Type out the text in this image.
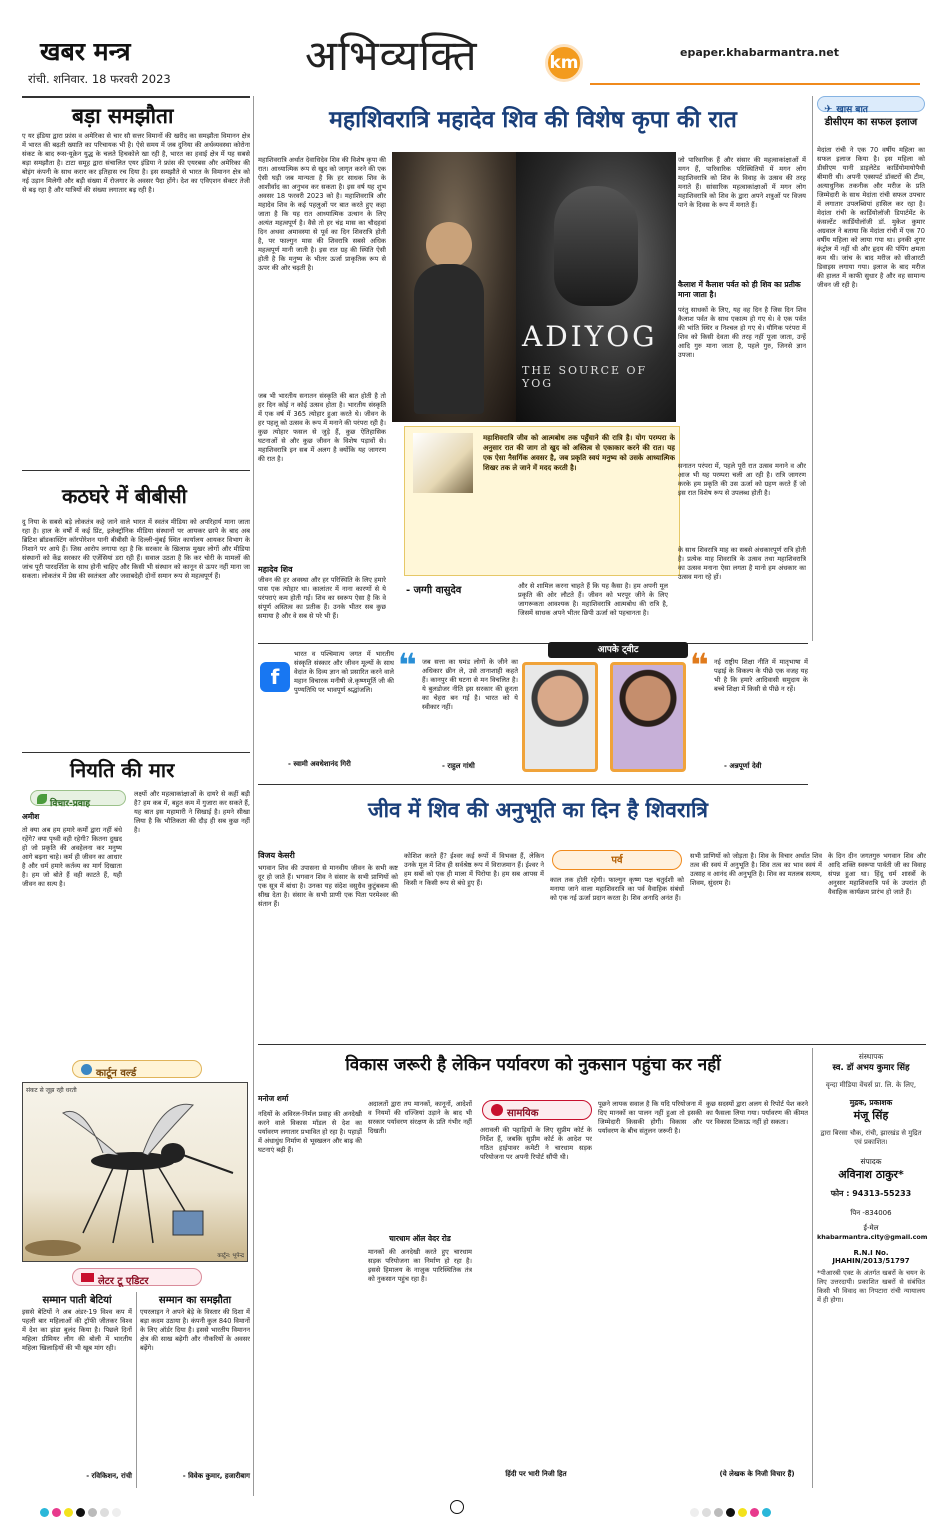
खबर मन्त्र
रांची. शनिवार. 18 फरवरी 2023	अभिव्यक्ति	km
epaper.khabarmantra.net
बड़ा समझौता
ए यर इंडिया द्वारा फ्रांस व अमेरिका से चार सौ सत्तर विमानों की खरीद का समझौता विमानन क्षेत्र में भारत की बढ़ती ख्याति का परिचायक भी है। ऐसे समय में जब दुनिया की अर्थव्यवस्था कोरोना संकट के बाद रूस-यूक्रेन युद्ध के चलते हिचकोले खा रही है, भारत का हवाई क्षेत्र में यह सबसे बड़ा समझौता है। टाटा समूह द्वारा संचालित एयर इंडिया ने फ्रांस की एयरबस और अमेरिका की बोइंग कंपनी के साथ करार कर इतिहास रच दिया है। इस समझौते से भारत के विमानन क्षेत्र को नई उड़ान मिलेगी और बड़ी संख्या में रोजगार के अवसर पैदा होंगे। देश का एविएशन सेक्टर तेजी से बढ़ रहा है और यात्रियों की संख्या लगातार बढ़ रही है।
कठघरे में बीबीसी
दु निया के सबसे बड़े लोकतंत्र कहे जाने वाले भारत में स्वतंत्र मीडिया को अपरिहार्य माना जाता रहा है। हाल के वर्षों में कई प्रिंट, इलेक्ट्रॉनिक मीडिया संस्थानों पर आयकर छापे के बाद अब ब्रिटिश ब्रॉडकास्टिंग कॉरपोरेशन यानी बीबीसी के दिल्ली-मुंबई स्थित कार्यालय आयकर विभाग के निशाने पर आये हैं। जिस आरोप लगाया रहा है कि सरकार के खिलाफ़ मुखर लोगों और मीडिया संस्थानों को केंद्र सरकार की एजेंसियां डरा रही हैं। सवाल उठता है कि कर चोरी के मामलों की जांच पूरी पारदर्शिता के साथ होनी चाहिए और किसी भी संस्थान को कानून से ऊपर नहीं माना जा सकता। लोकतंत्र में प्रेस की स्वतंत्रता और जवाबदेही दोनों समान रूप से महत्वपूर्ण हैं।
नियति की मार
विचार-प्रवाह
अमीश
तो क्या अब हम हमारे कर्मों द्वारा नहीं बंधे रहेंगे? क्या पृथ्वी वही रहेगी? कितना दुखद हो जो प्रकृति की अवहेलना कर मनुष्य आगे बढ़ना चाहे। कर्म ही जीवन का आधार है और धर्म हमारे कर्तव्य का मार्ग दिखाता है। हम जो बोते हैं वही काटते हैं, यही जीवन का सत्य है।
लक्ष्यों और महत्वाकांक्षाओं के दायरे से कहीं बड़ी है? हम कब में, बहुत कम में गुजारा कर सकते हैं, यह बात इस महामारी ने सिखाई है। हमने सीखा लिया है कि भौतिकता की दौड़ ही सब कुछ नहीं है।
कार्टून वर्ल्ड
संकट से जूझ रही धरती
कार्टून: भूपेन्द्र
लेटर टू एडिटर
सम्मान पाती बेटियां
इससे बेटियों ने अब अंडर-19 विश्व कप में पहली बार महिलाओं की ट्रॉफी जीतकर विश्व में देश का झंडा बुलंद किया है। पिछले दिनों महिला प्रीमियर लीग की बोली में भारतीय महिला खिलाड़ियों की भी खूब मांग रही।
- रविकिशन, रांची
सम्मान का समझौता
एयरलाइन ने अपने बेड़े के विस्तार की दिशा में बड़ा कदम उठाया है। कंपनी कुल 840 विमानों के लिए ऑर्डर दिया है। इससे भारतीय विमानन क्षेत्र की साख बढ़ेगी और नौकरियों के अवसर बढ़ेंगे।
- विवेक कुमार, हजारीबाग
महाशिवरात्रि महादेव शिव की विशेष कृपा की रात
महाशिवरात्रि अर्थात देवाधिदेव शिव की विशेष कृपा की रात। आध्यात्मिक रूप से खुद को जागृत करने की एक ऐसी घड़ी जब मान्यता है कि हर साधक शिव के आशीर्वाद का अनुभव कर सकता है। इस वर्ष यह शुभ अवसर 18 फरवरी 2023 को है। महाशिवरात्रि और महादेव शिव के कई पहलुओं पर बात करते हुए कहा जाता है कि यह रात आध्यात्मिक उत्थान के लिए अत्यंत महत्वपूर्ण है। वैसे तो हर चंद्र मास का चौदहवां दिन अथवा अमावस्या से पूर्व का दिन शिवरात्रि होती है, पर फाल्गुन मास की शिवरात्रि सबसे अधिक महत्वपूर्ण मानी जाती है। इस रात ग्रह की स्थिति ऐसी होती है कि मनुष्य के भीतर ऊर्जा प्राकृतिक रूप से ऊपर की ओर चढ़ती है।
जब भी भारतीय सनातन संस्कृति की बात होती है तो हर दिन कोई न कोई उत्सव होता है। भारतीय संस्कृति में एक वर्ष में 365 त्योहार हुआ करते थे। जीवन के हर पहलू को उत्सव के रूप में मनाने की परंपरा रही है। कुछ त्योहार फसल से जुड़े हैं, कुछ ऐतिहासिक घटनाओं से और कुछ जीवन के विशेष पड़ावों से। महाशिवरात्रि इन सब में अलग है क्योंकि यह जागरण की रात है।
महादेव शिव
जीवन की हर अवस्था और हर परिस्थिति के लिए हमारे पास एक त्योहार था। कालांतर में नाना कारणों से ये परंपराएं कम होती गईं। शिव का स्वरूप ऐसा है कि वे संपूर्ण अस्तित्व का प्रतीक हैं। उनके भीतर सब कुछ समाया है और वे सब से परे भी हैं।
ADIYOG
THE SOURCE OF YOG
महाशिवरात्रि जीव को आत्मबोध तक पहुँचाने की रात्रि है। योग परम्परा के अनुसार रात की जाग तो खुद को अस्तित्व से एकाकार करने की रात। यह एक ऐसा नैसर्गिक अवसर है, जब प्रकृति स्वयं मनुष्य को उसके आध्यात्मिक शिखर तक ले जाने में मदद करती है।
- जग्गी वासुदेव	और से शामिल करना चाहते हैं कि यह कैसा है। हम अपनी मूल प्रकृति की ओर लौटते हैं। जीवन को भरपूर जीने के लिए जागरूकता आवश्यक है। महाशिवरात्रि आत्मबोध की रात्रि है, जिसमें साधक अपने भीतर छिपी ऊर्जा को पहचानता है।
जो पारिवारिक हैं और संसार की महत्वाकांक्षाओं में मगन हैं, पारिवारिक परिस्थितियों में मगन लोग महाशिवरात्रि को शिव के विवाह के उत्सव की तरह मनाते हैं। सांसारिक महत्वाकांक्षाओं में मगन लोग महाशिवरात्रि को शिव के द्वारा अपने शत्रुओं पर विजय पाने के दिवस के रूप में मनाते हैं।
कैलाश में कैलाश पर्वत को ही शिव का प्रतीक माना जाता है।
परंतु साधकों के लिए, यह वह दिन है जिस दिन शिव कैलाश पर्वत के साथ एकात्म हो गए थे। वे एक पर्वत की भांति स्थिर व निश्चल हो गए थे। यौगिक परंपरा में शिव को किसी देवता की तरह नहीं पूजा जाता, उन्हें आदि गुरु माना जाता है, पहले गुरु, जिनसे ज्ञान उपजा।
सनातन परंपरा में, पहले पूरी रात उत्सव मनाने व और आज भी यह परम्परा चली आ रही है। रात्रि जागरण करके हम प्रकृति की उस ऊर्जा को ग्रहण करते हैं जो इस रात विशेष रूप से उपलब्ध होती है।
के साथ शिवरात्रि माह का सबसे अंधकारपूर्ण रात्रि होती है। प्रत्येक माह शिवरात्रि के उत्सव तथा महाशिवरात्रि का उत्सव मनाना ऐसा लगता है मानो हम अंधकार का उत्सव मना रहे हों।
✈ खास बात
डीसीएम का सफल इलाज
मेदांता रांची ने एक 70 वर्षीय महिला का सफल इलाज किया है। इस महिला को डीसीएम यानी डाइलेटेड कार्डियोमायोपैथी बीमारी थी। अपनी एक्सपर्ट डॉक्टरों की टीम, अत्याधुनिक तकनीक और मरीज के प्रति जिम्मेदारी के साथ मेदांता रांची सफल उपचार में लगातार उपलब्धियां हासिल कर रहा है। मेदांता रांची के कार्डियोलॉजी डिपार्टमेंट के कंसल्टेंट कार्डियोलॉजी डॉ. मुकेश कुमार अग्रवाल ने बताया कि मेदांता रांची में एक 70 वर्षीय महिला को लाया गया था। इनकी शुगर कंट्रोल में नहीं थी और हृदय की पंपिंग क्षमता कम थी। जांच के बाद मरीज को सीआरटी डिवाइस लगाया गया। इलाज के बाद मरीज की हालत में काफी सुधार है और वह सामान्य जीवन जी रही है।
f
भारत व पश्चिमात्य जगत में भारतीय संस्कृति संस्कार और जीवन मूल्यों के साथ वेदांत के दिव्य ज्ञान को प्रसारित करने वाले महान विचारक मनीषी जे.कृष्णमूर्ति जी की पुण्यतिथि पर भावपूर्ण श्रद्धांजलि।
- स्वामी अवधेशानंद गिरी
आपके ट्वीट
❝ जब सत्ता का घमंड लोगों के जीने का अधिकार छीन ले, उसे तानाशाही कहते हैं। कानपुर की घटना से मन विचलित है। ये बुलडोजर नीति इस सरकार की क्रूरता का चेहरा बन गई है। भारत को ये स्वीकार नहीं।
- राहुल गांधी
❝ नई राष्ट्रीय शिक्षा नीति में मातृभाषा में पढ़ाई के विकल्प के पीछे एक वजह यह भी है कि हमारे आदिवासी समुदाय के बच्चे शिक्षा में किसी से पीछे न रहें।
- अन्नपूर्णा देवी
जीव में शिव की अनुभूति का दिन है शिवरात्रि
विजय केसरी
भगवान शिव की उपासना से मानवीय जीवन के सभी कष्ट दूर हो जाते हैं। भगवान शिव ने संसार के सभी प्राणियों को एक सूत्र में बांधा है। उनका यह संदेश वसुधैव कुटुंबकम की सीख देता है। संसार के सभी प्राणी एक पिता परमेश्वर की संतान हैं।
कोशिश करते हैं? ईश्वर कई रूपों में विभक्त हैं, लेकिन उनके मूल में शिव ही सर्वश्रेष्ठ रूप में विराजमान हैं। ईश्वर ने हम सबों को एक ही माला में पिरोया है। हम सब आपस में किसी न किसी रूप से बंधे हुए हैं।
पर्व
काल तक होती रहेगी। फाल्गुन कृष्ण पक्ष चतुर्दशी को मनाया जाने वाला महाशिवरात्रि का पर्व वैवाहिक संबंधों को एक नई ऊर्जा प्रदान करता है। शिव अनादि अनंत हैं।
सभी प्राणियों को जोड़ता है। शिव के विचार अर्थात शिव तत्व की स्वयं में अनुभूति है। शिव तत्व का भाव स्वयं में उत्साह व आनंद की अनुभूति है। शिव का मतलब सत्यम, शिवम, सुंदरम है।
के दिन दीन जगतगुरु भगवान शिव और आदि शक्ति स्वरूपा पार्वती जी का विवाह संपन्न हुआ था। हिंदू धर्म शास्त्रों के अनुसार महाशिवरात्रि पर्व के उपरांत ही वैवाहिक कार्यक्रम प्रारंभ हो जाते हैं।
विकास जरूरी है लेकिन पर्यावरण को नुकसान पहुंचा कर नहीं
मनोज शर्मा
नदियों के अविरल-निर्मल प्रवाह की अनदेखी करने वाले विकास मॉडल से देश का पर्यावरण लगातार प्रभावित हो रहा है। पहाड़ों में अंधाधुंध निर्माण से भूस्खलन और बाढ़ की घटनाएं बढ़ी हैं।
अदालतों द्वारा तय मानकों, कानूनों, आदेशों व नियमों की धज्जियां उड़ाने के बाद भी सरकार पर्यावरण संरक्षण के प्रति गंभीर नहीं दिखती।
चारधाम ऑल वेदर रोड
मानकों की अनदेखी करते हुए चारधाम सड़क परियोजना का निर्माण हो रहा है। इससे हिमालय के नाजुक पारिस्थितिक तंत्र को नुकसान पहुंच रहा है।
सामयिक
अरावली की पहाड़ियों के लिए सुप्रीम कोर्ट के निर्देश हैं, जबकि सुप्रीम कोर्ट के आदेश पर गठित हाईपावर कमेटी ने चारधाम सड़क परियोजना पर अपनी रिपोर्ट सौंपी थी।
हिंदी पर भारी निजी हित
पूछने लायक सवाल है कि यदि परियोजना में दिए मानकों का पालन नहीं हुआ तो इसकी जिम्मेदारी किसकी होगी। विकास और पर्यावरण के बीच संतुलन जरूरी है।
कुछ सदस्यों द्वारा अलग से रिपोर्ट पेश करने का फैसला लिया गया। पर्यावरण की कीमत पर विकास टिकाऊ नहीं हो सकता।
(ये लेखक के निजी विचार हैं)
संस्थापक
स्व. डॉ अभय कुमार सिंह
वृन्दा मीडिया वेंचर्स प्रा. लि. के लिए,
मुद्रक, प्रकाशक
मंजू सिंह
द्वारा बिरसा चौक, रांची, झारखंड से मुद्रित एवं प्रकाशित।
संपादक
अविनाश ठाकुर*
फोन : 94313-55233
पिन -834006
ई-मेल
khabarmantra.city@gmail.com
R.N.I No.
JHAHIN/2013/51797
*पीआरबी एक्ट के अंतर्गत खबरों के चयन के लिए उत्तरदायी। प्रकाशित खबरों से संबंधित किसी भी विवाद का निपटारा रांची न्यायालय में ही होगा।
